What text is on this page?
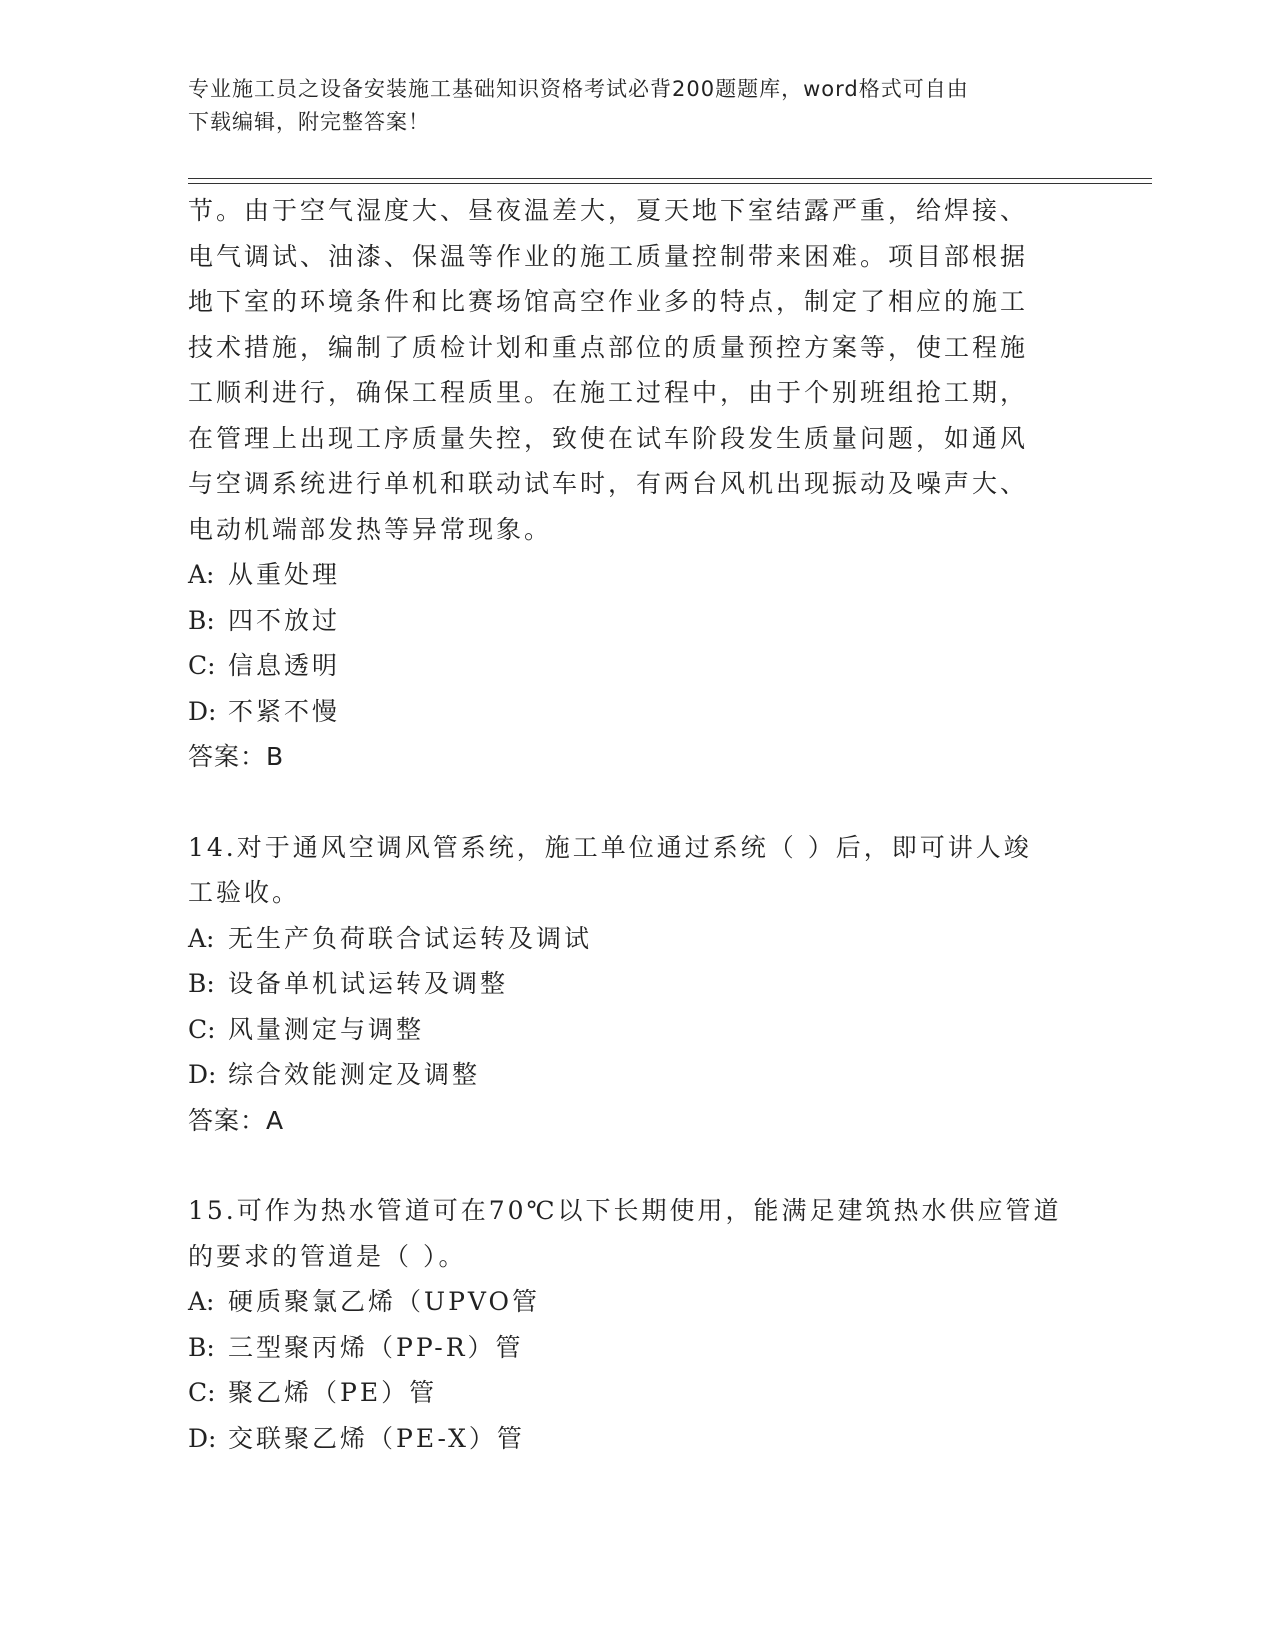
专业施工员之设备安装施工基础知识资格考试必背200题题库，word格式可自由
下载编辑，附完整答案！

节。由于空气湿度大、昼夜温差大，夏天地下室结露严重，给焊接、

电气调试、油漆、保温等作业的施工质量控制带来困难。项目部根据

地下室的环境条件和比赛场馆高空作业多的特点，制定了相应的施工

技术措施，编制了质检计划和重点部位的质量预控方案等，使工程施

工顺利进行，确保工程质里。在施工过程中，由于个别班组抢工期，

在管理上出现工序质量失控，致使在试车阶段发生质量问题，如通风

与空调系统进行单机和联动试车时，有两台风机出现振动及噪声大、

电动机端部发热等异常现象。

A: 从重处理

B: 四不放过

C: 信息透明

D: 不紧不慢

答案：B

14.对于通风空调风管系统，施工单位通过系统（ ）后，即可讲人竣

工验收。

A: 无生产负荷联合试运转及调试

B: 设备单机试运转及调整

C: 风量测定与调整

D: 综合效能测定及调整

答案：A

15.可作为热水管道可在70℃以下长期使用，能满足建筑热水供应管道

的要求的管道是（ ）。

A: 硬质聚氯乙烯（UPVO管

B: 三型聚丙烯（PP-R）管

C: 聚乙烯（PE）管

D: 交联聚乙烯（PE-X）管
